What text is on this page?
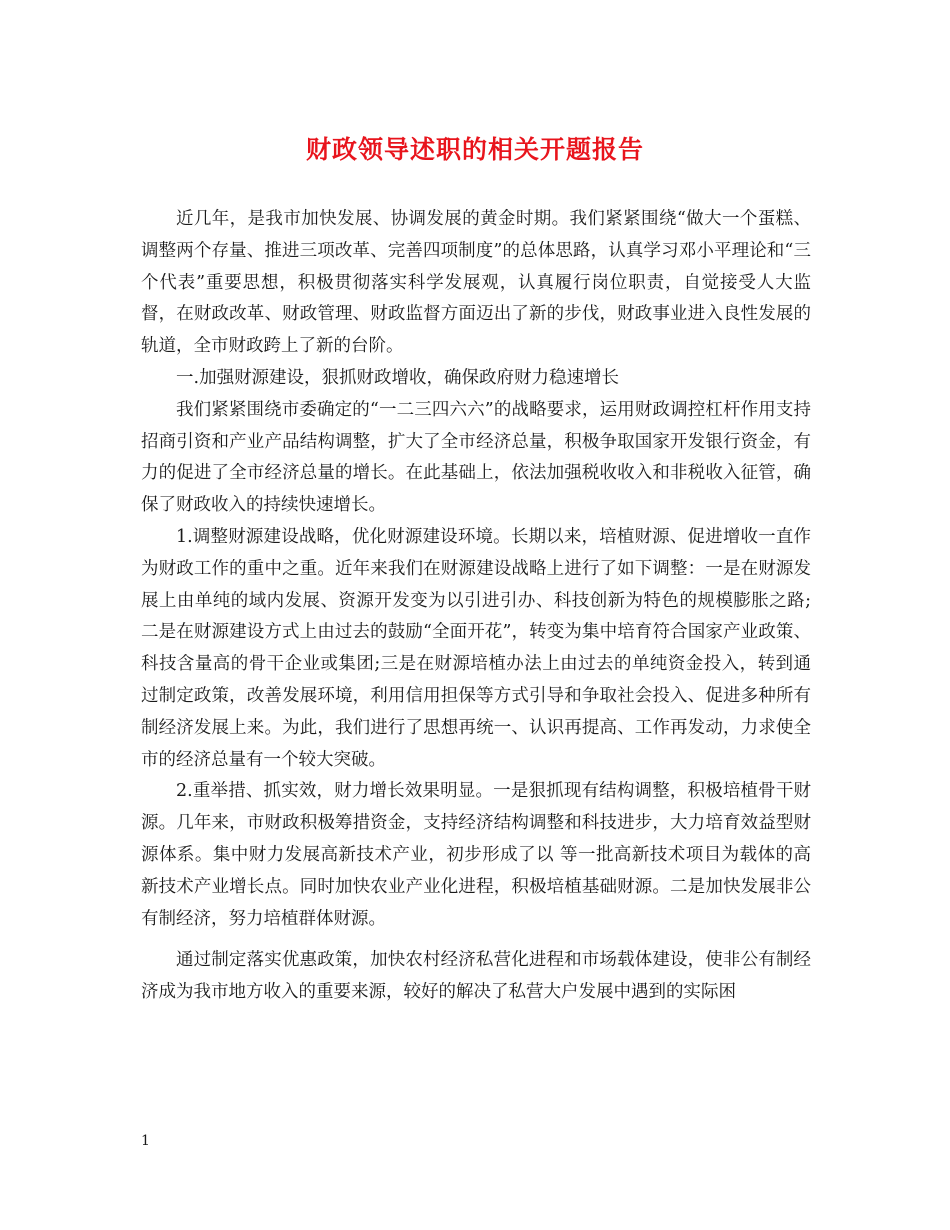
财政领导述职的相关开题报告

近几年，是我市加快发展、协调发展的黄金时期。我们紧紧围绕“做大一个蛋糕、调整两个存量、推进三项改革、完善四项制度”的总体思路，认真学习邓小平理论和“三个代表”重要思想，积极贯彻落实科学发展观，认真履行岗位职责，自觉接受人大监督，在财政改革、财政管理、财政监督方面迈出了新的步伐，财政事业进入良性发展的轨道，全市财政跨上了新的台阶。

一.加强财源建设，狠抓财政增收，确保政府财力稳速增长

我们紧紧围绕市委确定的“一二三四六六”的战略要求，运用财政调控杠杆作用支持招商引资和产业产品结构调整，扩大了全市经济总量，积极争取国家开发银行资金，有力的促进了全市经济总量的增长。在此基础上，依法加强税收收入和非税收入征管，确保了财政收入的持续快速增长。

1.调整财源建设战略，优化财源建设环境。长期以来，培植财源、促进增收一直作为财政工作的重中之重。近年来我们在财源建设战略上进行了如下调整：一是在财源发展上由单纯的域内发展、资源开发变为以引进引办、科技创新为特色的规模膨胀之路; 二是在财源建设方式上由过去的鼓励“全面开花”，转变为集中培育符合国家产业政策、科技含量高的骨干企业或集团;三是在财源培植办法上由过去的单纯资金投入，转到通过制定政策，改善发展环境，利用信用担保等方式引导和争取社会投入、促进多种所有制经济发展上来。为此，我们进行了思想再统一、认识再提高、工作再发动，力求使全市的经济总量有一个较大突破。

2.重举措、抓实效，财力增长效果明显。一是狠抓现有结构调整，积极培植骨干财源。几年来，市财政积极筹措资金，支持经济结构调整和科技进步，大力培育效益型财源体系。集中财力发展高新技术产业，初步形成了以 等一批高新技术项目为载体的高新技术产业增长点。同时加快农业产业化进程，积极培植基础财源。二是加快发展非公有制经济，努力培植群体财源。

通过制定落实优惠政策，加快农村经济私营化进程和市场载体建设，使非公有制经济成为我市地方收入的重要来源，较好的解决了私营大户发展中遇到的实际困

1
